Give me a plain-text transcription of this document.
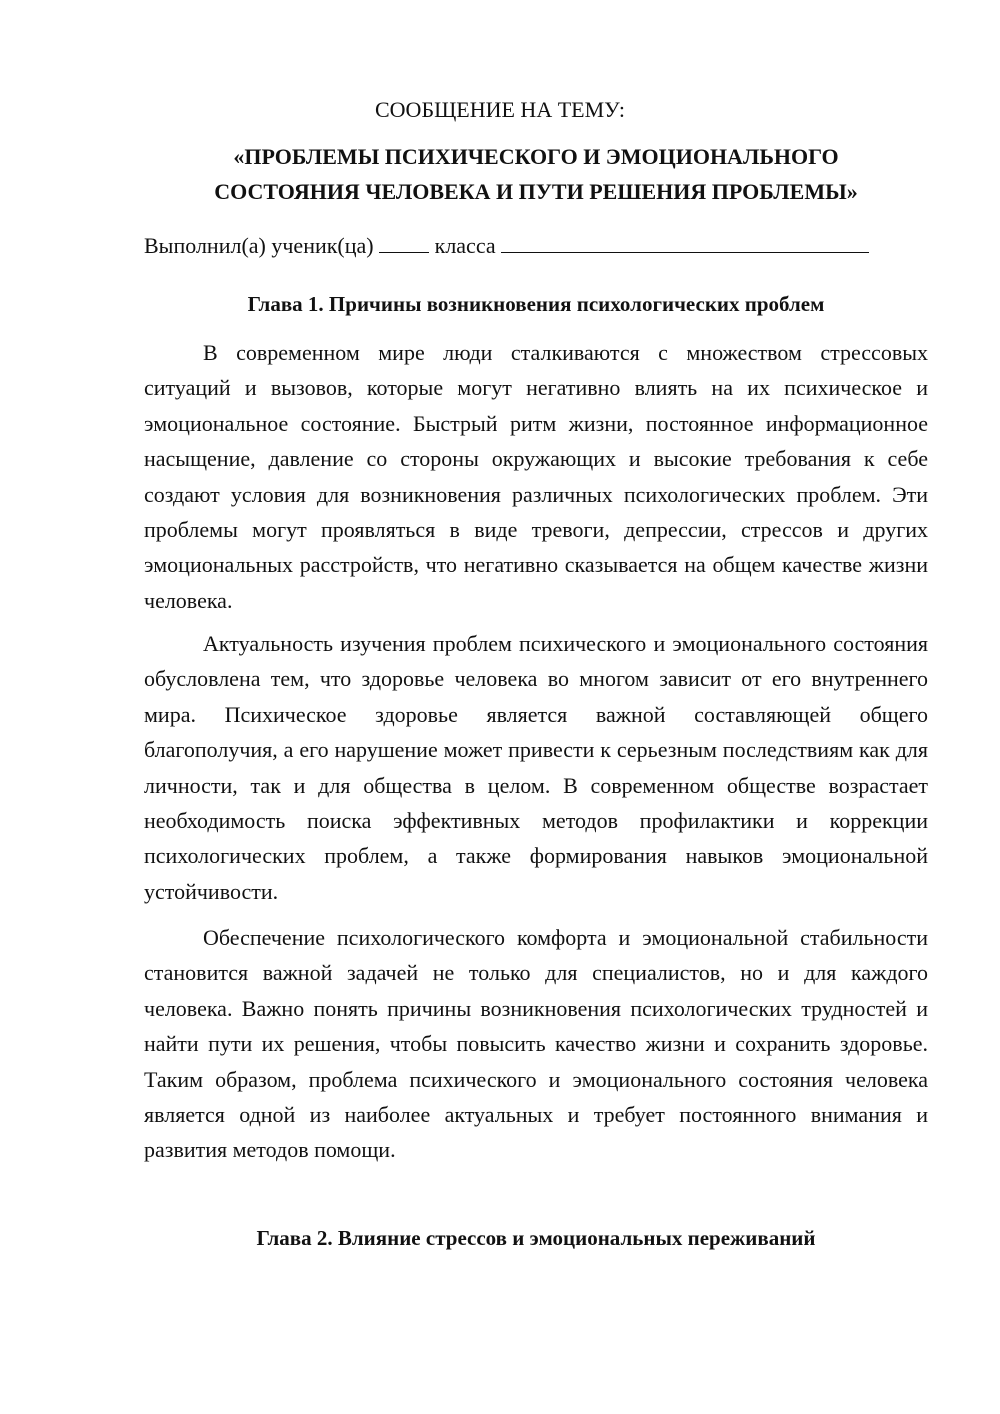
СООБЩЕНИЕ НА ТЕМУ:
«ПРОБЛЕМЫ ПСИХИЧЕСКОГО И ЭМОЦИОНАЛЬНОГО
СОСТОЯНИЯ ЧЕЛОВЕКА И ПУТИ РЕШЕНИЯ ПРОБЛЕМЫ»
Выполнил(а) ученик(ца)	класса
Глава 1. Причины возникновения психологических проблем

В современном мире люди сталкиваются с множеством стрессовых ситуаций и вызовов, которые могут негативно влиять на их психическое и эмоциональное состояние. Быстрый ритм жизни, постоянное информационное насыщение, давление со стороны окружающих и высокие требования к себе создают условия для возникновения различных психологических проблем. Эти проблемы могут проявляться в виде тревоги, депрессии, стрессов и других эмоциональных расстройств, что негативно сказывается на общем качестве жизни человека.

Актуальность изучения проблем психического и эмоционального состояния обусловлена тем, что здоровье человека во многом зависит от его внутреннего мира. Психическое здоровье является важной составляющей общего благополучия, а его нарушение может привести к серьезным последствиям как для личности, так и для общества в целом. В современном обществе возрастает необходимость поиска эффективных методов профилактики и коррекции психологических проблем, а также формирования навыков эмоциональной устойчивости.

Обеспечение психологического комфорта и эмоциональной стабильности становится важной задачей не только для специалистов, но и для каждого человека. Важно понять причины возникновения психологических трудностей и найти пути их решения, чтобы повысить качество жизни и сохранить здоровье. Таким образом, проблема психического и эмоционального состояния человека является одной из наиболее актуальных и требует постоянного внимания и развития методов помощи.

Глава 2. Влияние стрессов и эмоциональных переживаний
